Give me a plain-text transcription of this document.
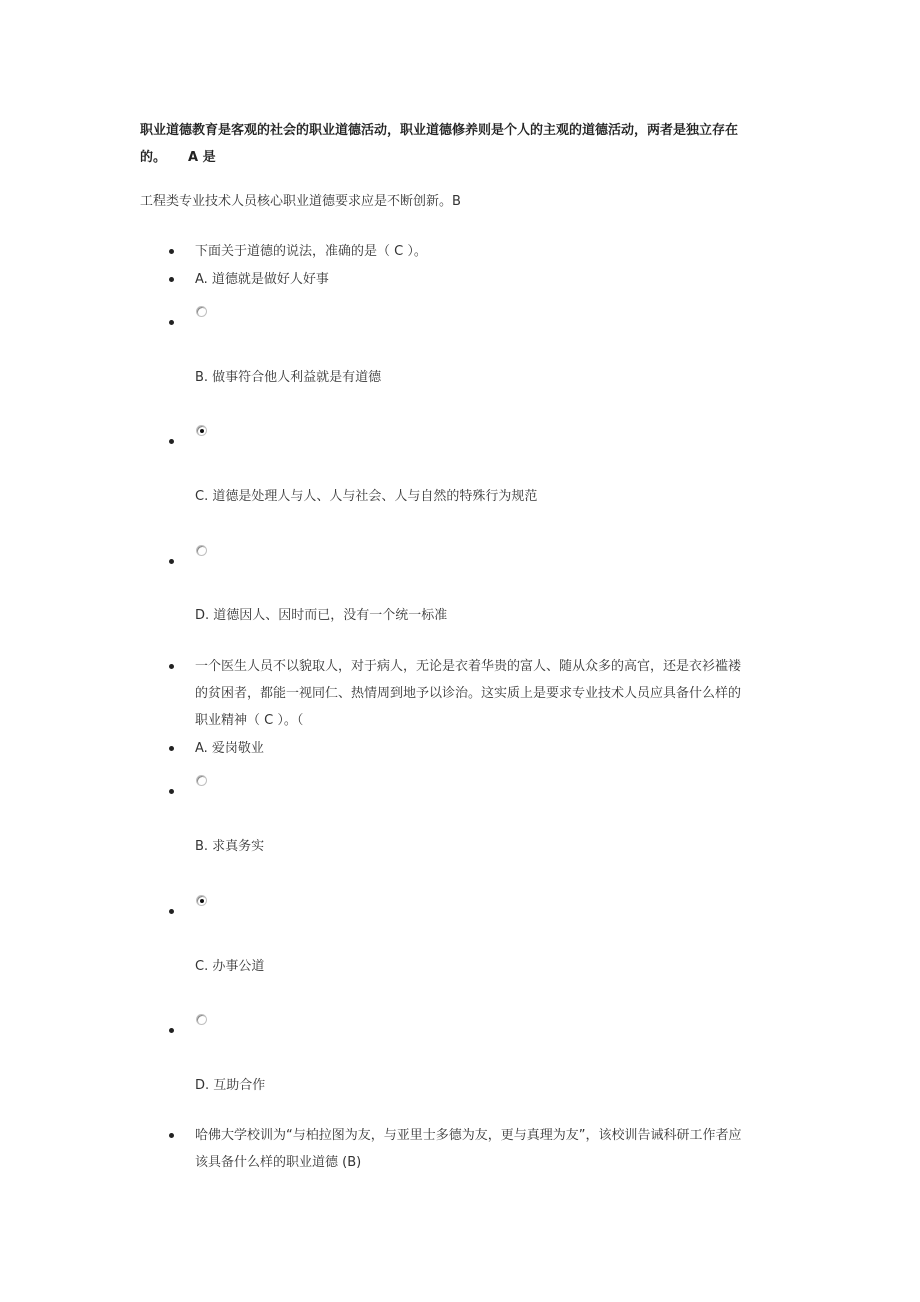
职业道德教育是客观的社会的职业道德活动，职业道德修养则是个人的主观的道德活动，两者是独立存在
的。 A 是
工程类专业技术人员核心职业道德要求应是不断创新。B
下面关于道德的说法，准确的是（ C ）。
A. 道德就是做好人好事
B. 做事符合他人利益就是有道德
C. 道德是处理人与人、人与社会、人与自然的特殊行为规范
D. 道德因人、因时而已，没有一个统一标准
一个医生人员不以貌取人，对于病人，无论是衣着华贵的富人、随从众多的高官，还是衣衫褴褛
的贫困者，都能一视同仁、热情周到地予以诊治。这实质上是要求专业技术人员应具备什么样的
职业精神（ C ）。（
A. 爱岗敬业
B. 求真务实
C. 办事公道
D. 互助合作
哈佛大学校训为“与柏拉图为友，与亚里士多德为友，更与真理为友”，该校训告诫科研工作者应
该具备什么样的职业道德 (B)
